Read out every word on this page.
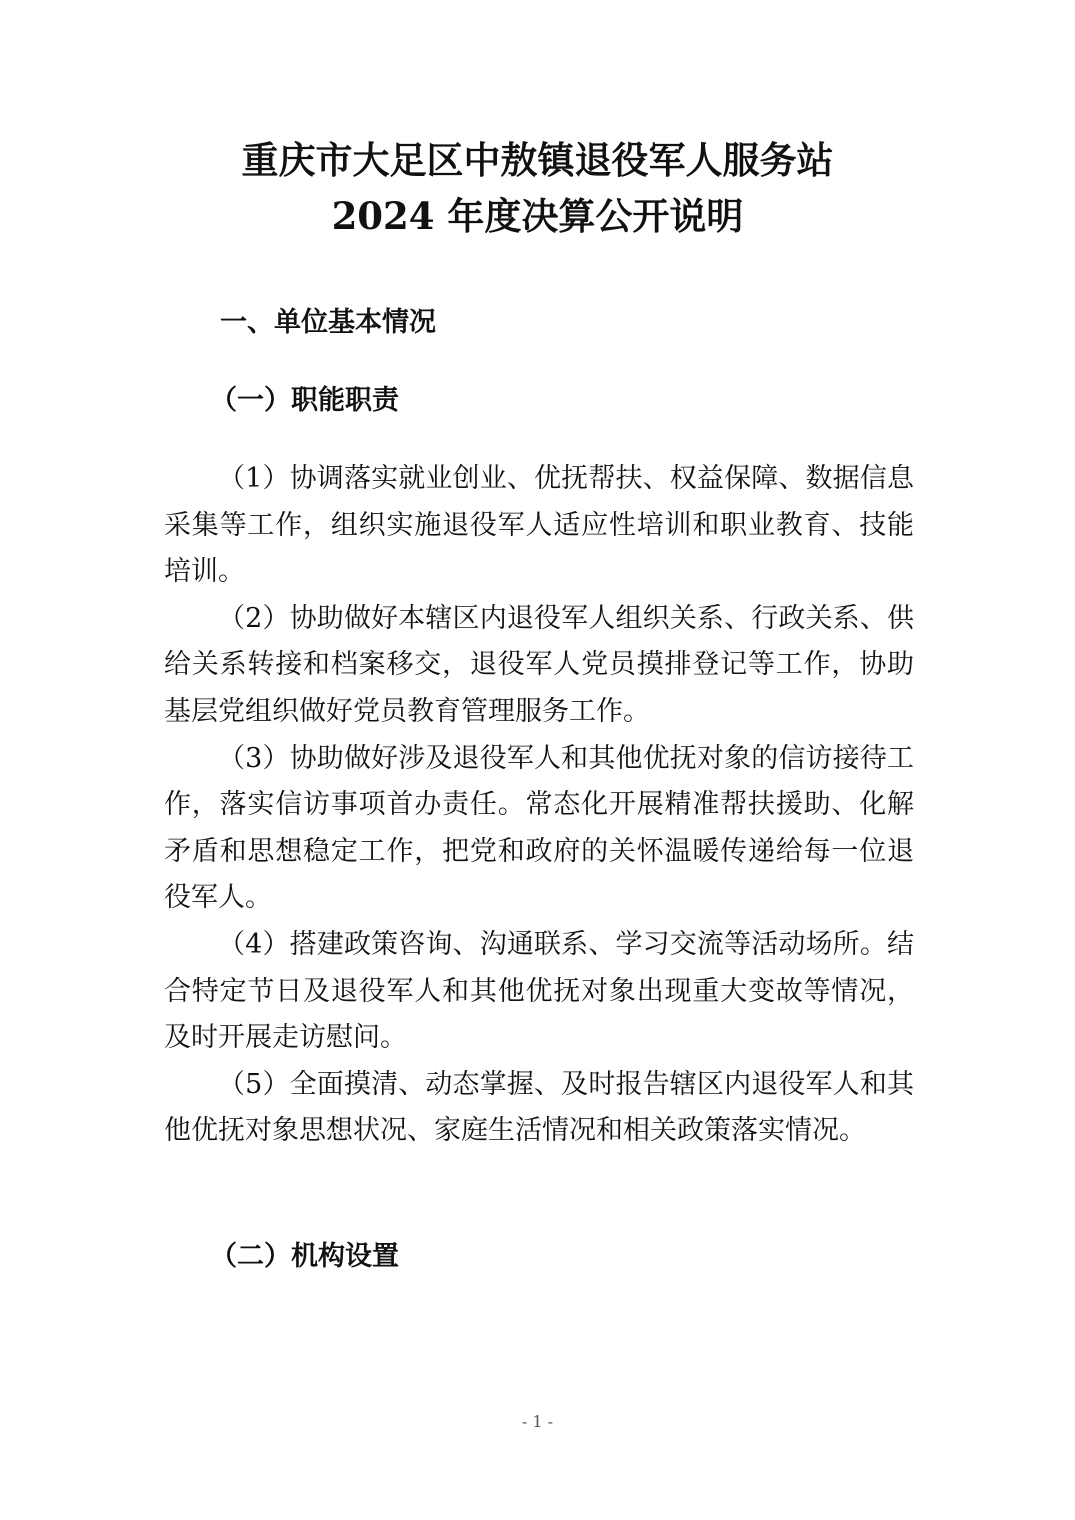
重庆市大足区中敖镇退役军人服务站
2024 年度决算公开说明
一、单位基本情况
（一）职能职责

（1）协调落实就业创业、优抚帮扶、权益保障、数据信息采集等工作，组织实施退役军人适应性培训和职业教育、技能培训。

（2）协助做好本辖区内退役军人组织关系、行政关系、供给关系转接和档案移交，退役军人党员摸排登记等工作，协助基层党组织做好党员教育管理服务工作。

（3）协助做好涉及退役军人和其他优抚对象的信访接待工作，落实信访事项首办责任。常态化开展精准帮扶援助、化解矛盾和思想稳定工作，把党和政府的关怀温暖传递给每一位退役军人。

（4）搭建政策咨询、沟通联系、学习交流等活动场所。结合特定节日及退役军人和其他优抚对象出现重大变故等情况，及时开展走访慰问。

（5）全面摸清、动态掌握、及时报告辖区内退役军人和其他优抚对象思想状况、家庭生活情况和相关政策落实情况。

（二）机构设置
- 1 -
